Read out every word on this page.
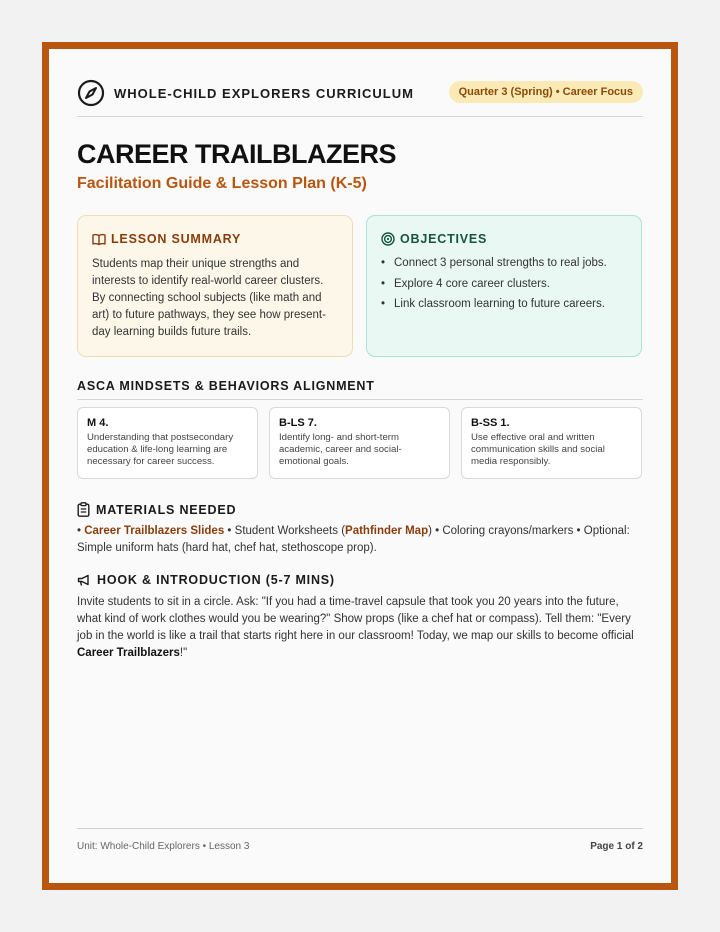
WHOLE-CHILD EXPLORERS CURRICULUM	Quarter 3 (Spring) • Career Focus
CAREER TRAILBLAZERS
Facilitation Guide & Lesson Plan (K-5)
LESSON SUMMARY

Students map their unique strengths and interests to identify real-world career clusters. By connecting school subjects (like math and art) to future pathways, they see how present-day learning builds future trails.

OBJECTIVES
• Connect 3 personal strengths to real jobs.
• Explore 4 core career clusters.
• Link classroom learning to future careers.
ASCA MINDSETS & BEHAVIORS ALIGNMENT
M 4.
Understanding that postsecondary education & life-long learning are necessary for career success.
B-LS 7.
Identify long- and short-term academic, career and social-emotional goals.
B-SS 1.
Use effective oral and written communication skills and social media responsibly.
MATERIALS NEEDED
• Career Trailblazers Slides • Student Worksheets (Pathfinder Map) • Coloring crayons/markers • Optional: Simple uniform hats (hard hat, chef hat, stethoscope prop).
HOOK & INTRODUCTION (5-7 MINS)
Invite students to sit in a circle. Ask: "If you had a time-travel capsule that took you 20 years into the future, what kind of work clothes would you be wearing?" Show props (like a chef hat or compass). Tell them: "Every job in the world is like a trail that starts right here in our classroom! Today, we map our skills to become official Career Trailblazers!"
Unit: Whole-Child Explorers • Lesson 3	Page 1 of 2
